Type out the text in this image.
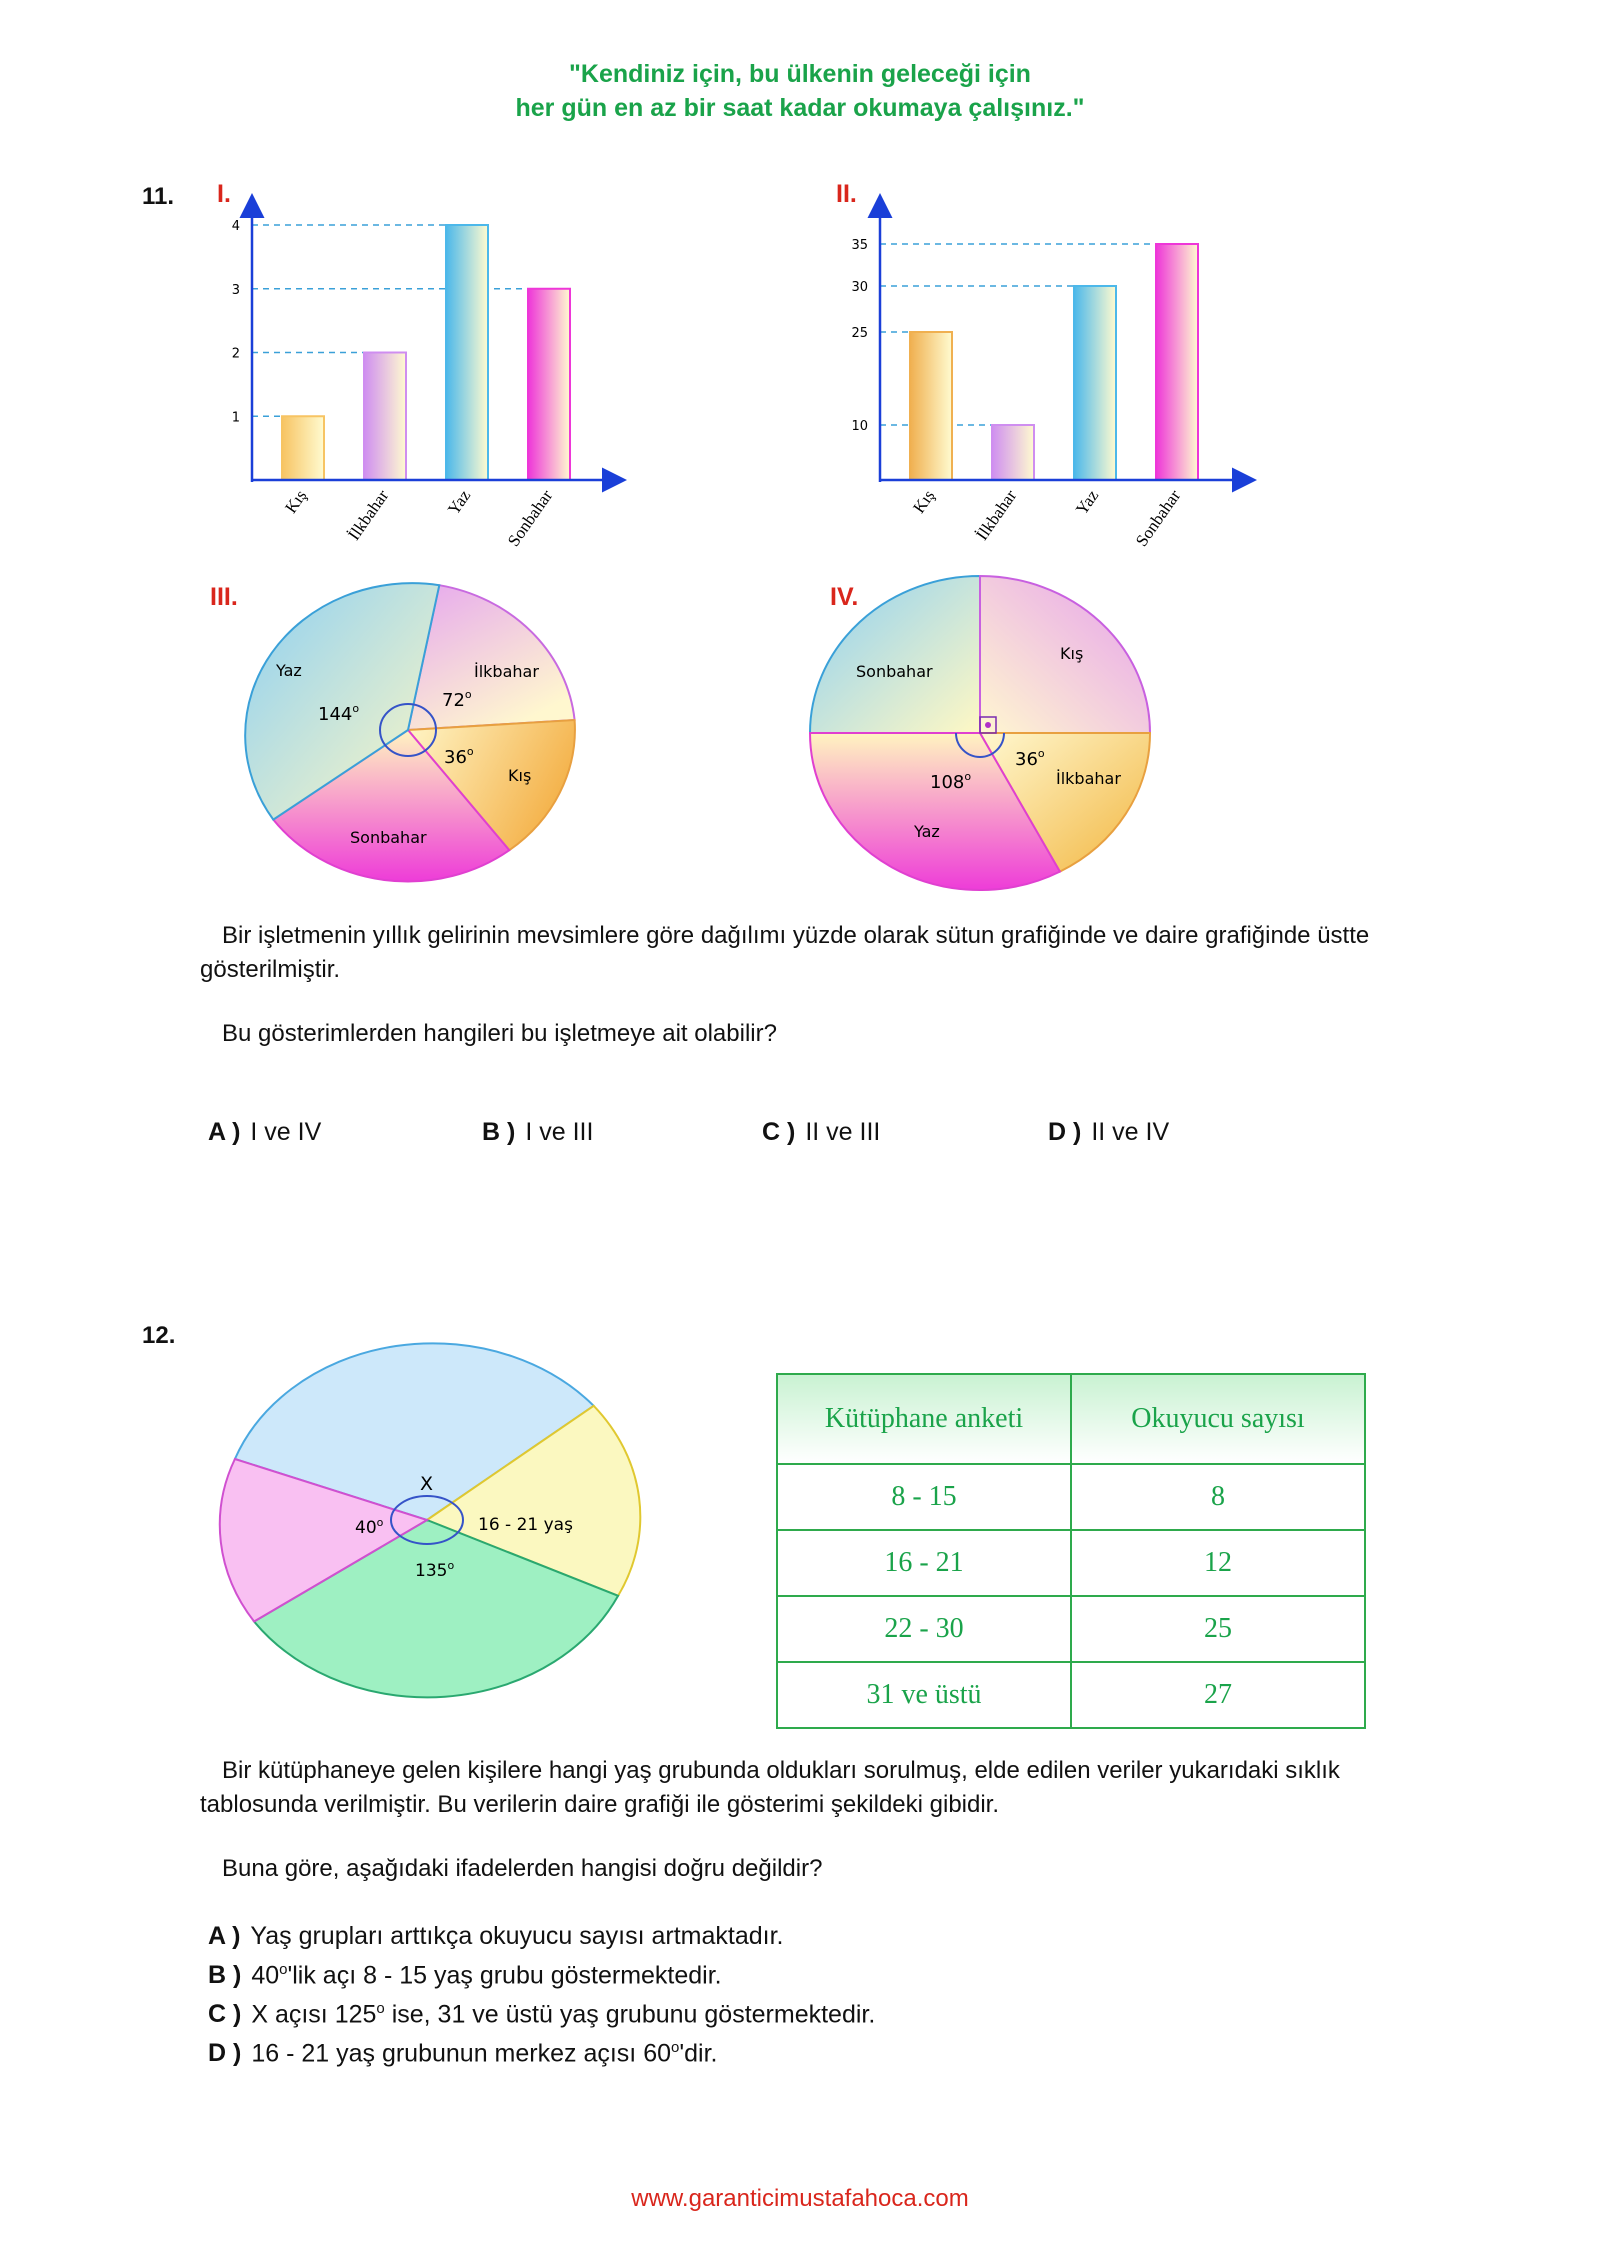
"Kendiniz için, bu ülkenin geleceği için
her gün en az bir saat kadar okumaya çalışınız."
11. I.	II.
III.	IV.
1
2
3
4
Kış İlkbahar	Yaz Sonbahar
10
25
30
35
Kış İlkbahar	Yaz Sonbahar
Yaz	İlkbahar
Kış
Sonbahar
144$^o$	72$^o$
36$^o$
Sonbahar
Kış
İlkbahar
Yaz
108$^o$
36$^o$
Bir işletmenin yıllık gelirinin mevsimlere göre dağılımı yüzde olarak sütun grafiğinde ve daire grafiğinde üstte gösterilmiştir.
Bu gösterimlerden hangileri bu işletmeye ait olabilir?
A ) I ve IV	B ) I ve III	C ) II ve III	D ) II ve IV
12.
X
40$^o$
135$^o$
16 - 21 yaş
Kütüphane anketi	Okuyucu sayısı
8 - 15	8
16 - 21	12
22 - 30	25
31 ve üstü	27
Bir kütüphaneye gelen kişilere hangi yaş grubunda oldukları sorulmuş, elde edilen veriler yukarıdaki sıklık tablosunda verilmiştir. Bu verilerin daire grafiği ile gösterimi şekildeki gibidir.
Buna göre, aşağıdaki ifadelerden hangisi doğru değildir?
A ) Yaş grupları arttıkça okuyucu sayısı artmaktadır.
B ) 40$^o$'lik açı 8 - 15 yaş grubu göstermektedir.
C ) X açısı 125$^o$ ise, 31 ve üstü yaş grubunu göstermektedir.
D ) 16 - 21 yaş grubunun merkez açısı 60$^o$'dir.
www.garanticimustafahoca.com
